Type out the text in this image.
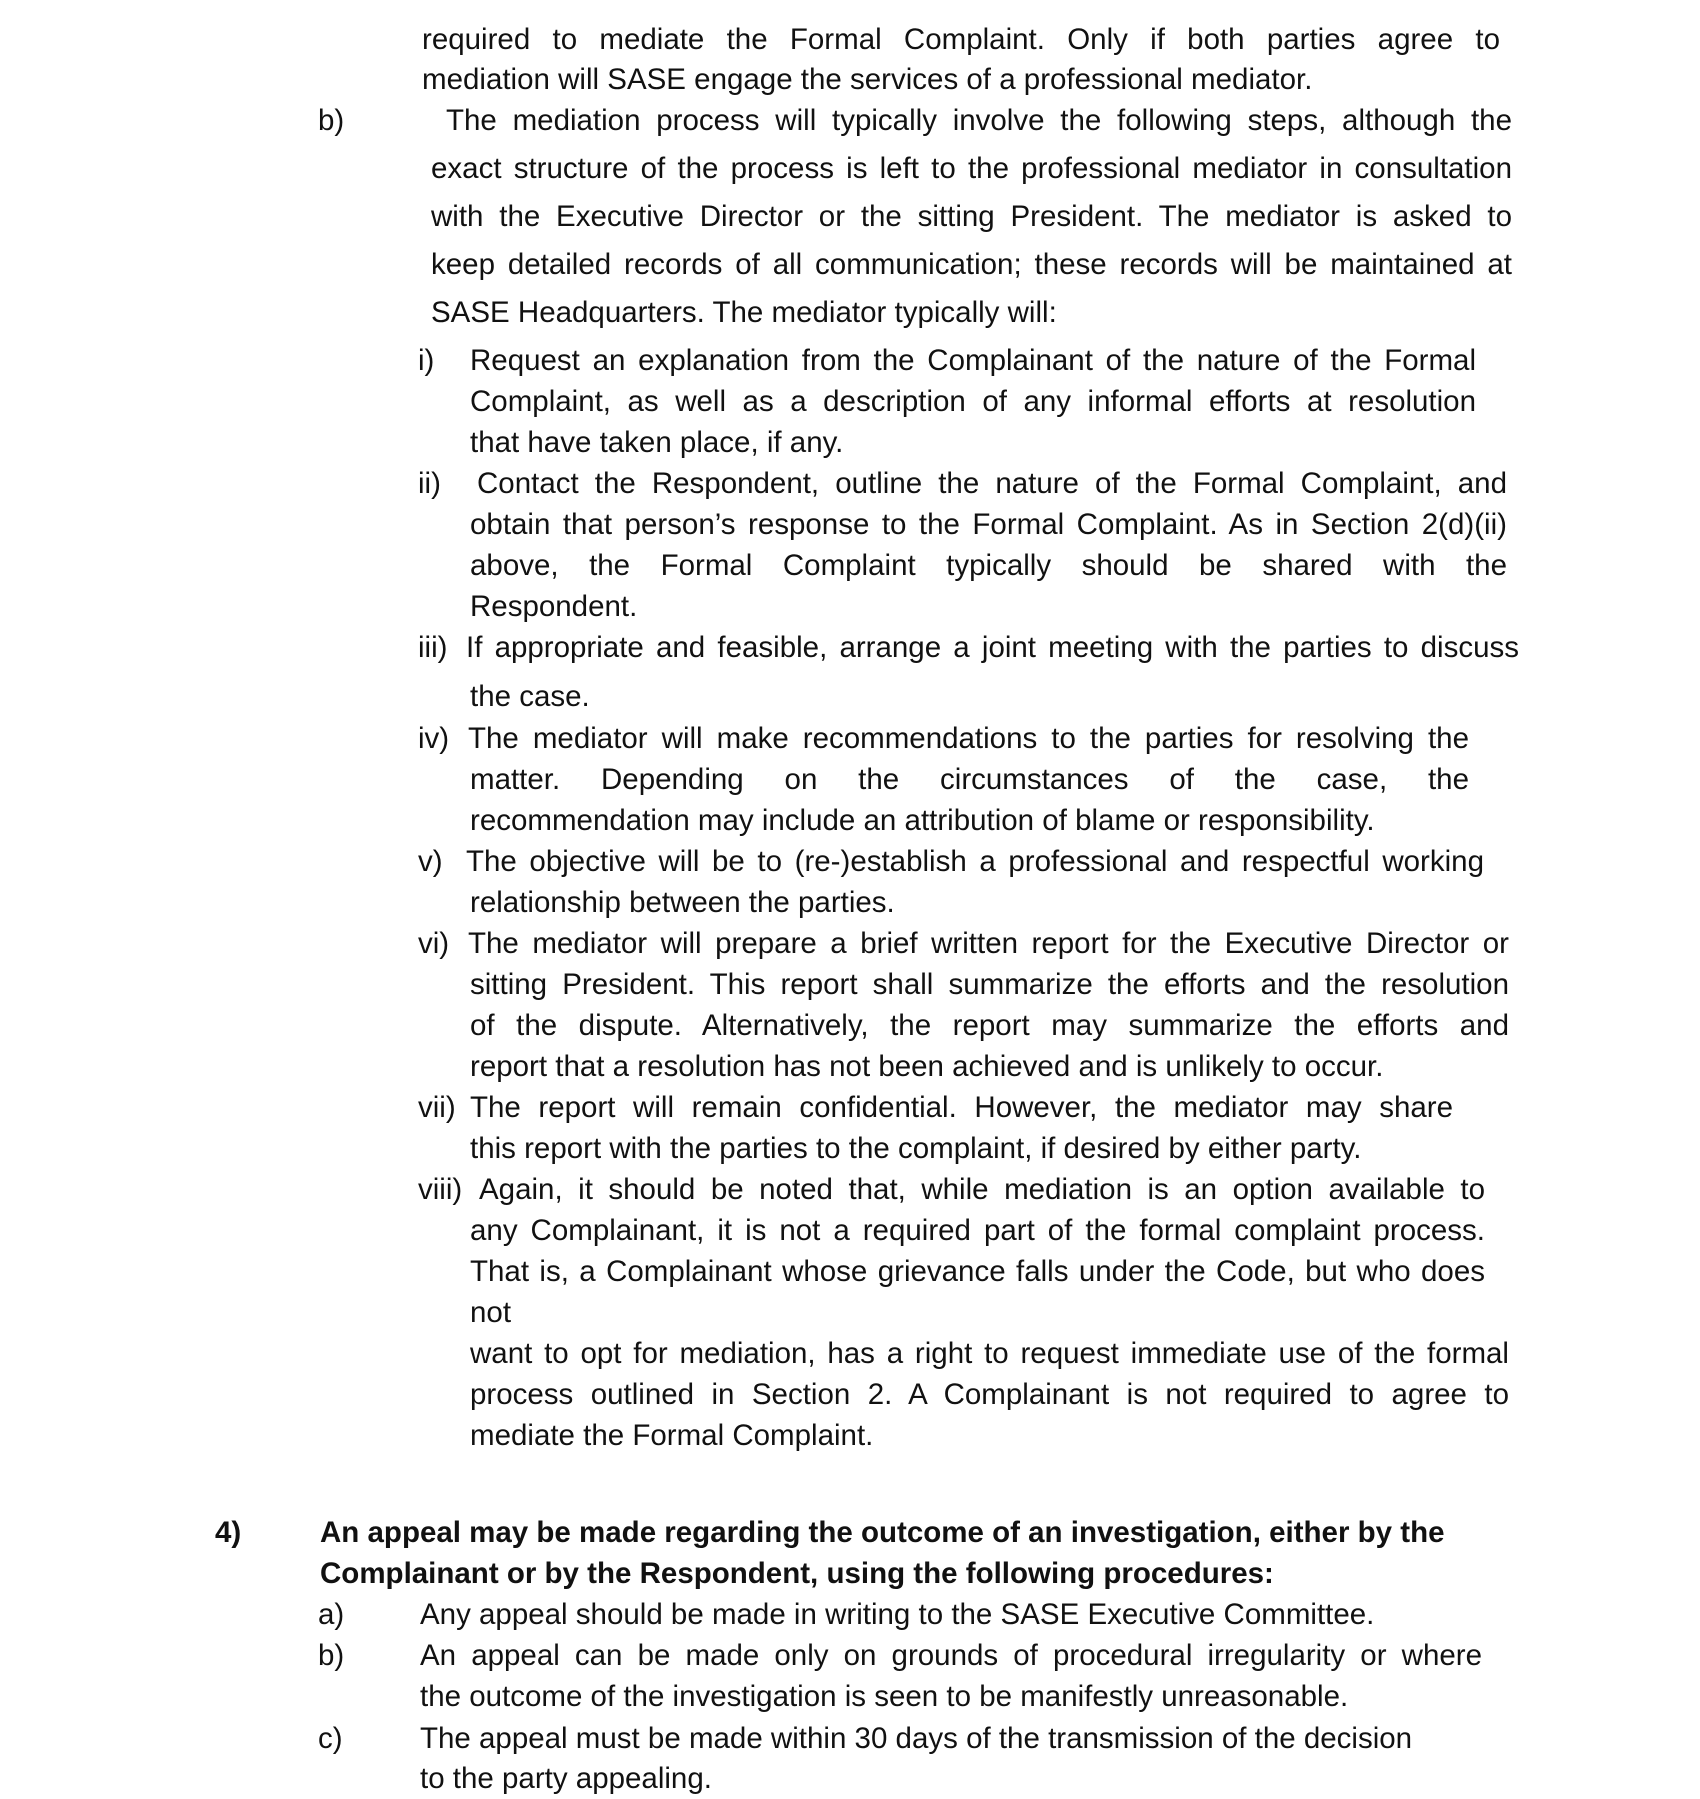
required to mediate the Formal Complaint. Only if both parties agree to
mediation will SASE engage the services of a professional mediator.
b)	The mediation process will typically involve the following steps, although the
exact structure of the process is left to the professional mediator in consultation
with the Executive Director or the sitting President. The mediator is asked to
keep detailed records of all communication; these records will be maintained at
SASE Headquarters. The mediator typically will:
i) Request an explanation from the Complainant of the nature of the Formal
Complaint, as well as a description of any informal efforts at resolution
that have taken place, if any.
ii) Contact the Respondent, outline the nature of the Formal Complaint, and
obtain that person’s response to the Formal Complaint. As in Section 2(d)(ii)
above, the Formal Complaint typically should be shared with the
Respondent.
iii) If appropriate and feasible, arrange a joint meeting with the parties to discuss
the case.
iv) The mediator will make recommendations to the parties for resolving the
matter. Depending on the circumstances of the case, the
recommendation may include an attribution of blame or responsibility.
v) The objective will be to (re-)establish a professional and respectful working
relationship between the parties.
vi) The mediator will prepare a brief written report for the Executive Director or
sitting President. This report shall summarize the efforts and the resolution
of the dispute. Alternatively, the report may summarize the efforts and
report that a resolution has not been achieved and is unlikely to occur.
vii) The report will remain confidential. However, the mediator may share
this report with the parties to the complaint, if desired by either party.
viii) Again, it should be noted that, while mediation is an option available to
any Complainant, it is not a required part of the formal complaint process.
That is, a Complainant whose grievance falls under the Code, but who does
not
want to opt for mediation, has a right to request immediate use of the formal
process outlined in Section 2. A Complainant is not required to agree to
mediate the Formal Complaint.
4)	An appeal may be made regarding the outcome of an investigation, either by the
Complainant or by the Respondent, using the following procedures:
a)	Any appeal should be made in writing to the SASE Executive Committee.
b)	An appeal can be made only on grounds of procedural irregularity or where
the outcome of the investigation is seen to be manifestly unreasonable.
c)	The appeal must be made within 30 days of the transmission of the decision
to the party appealing.
